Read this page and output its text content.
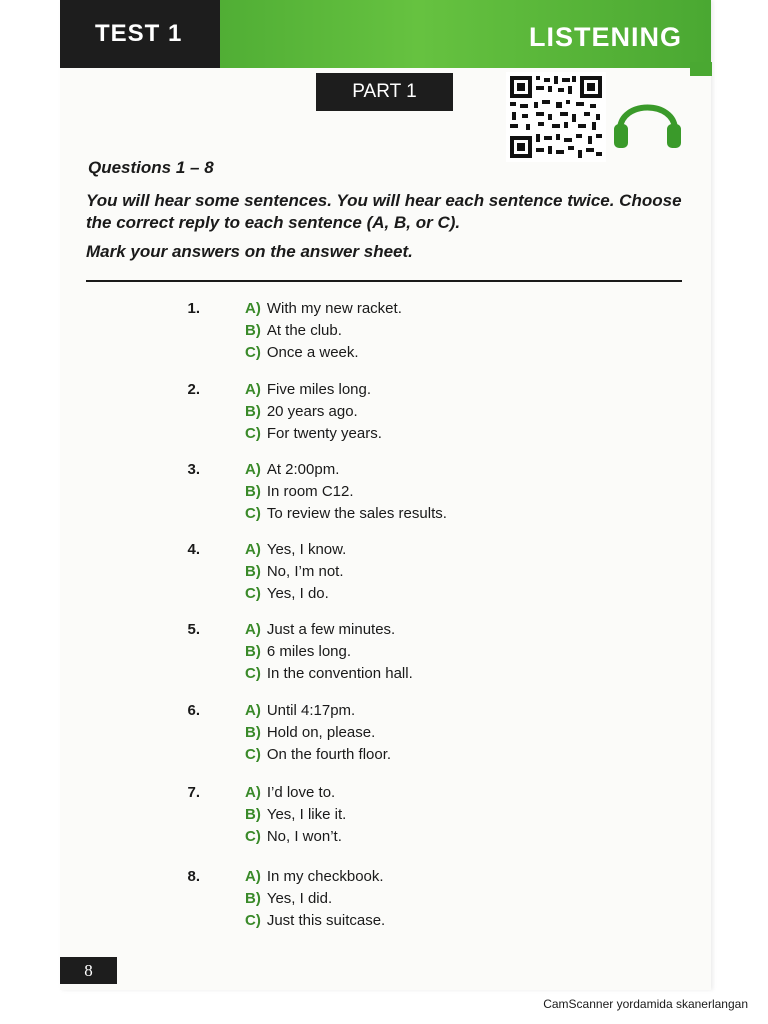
TEST 1	LISTENING
PART 1
Questions 1 – 8
You will hear some sentences. You will hear each sentence twice. Choose
the correct reply to each sentence (A, B, or C).
Mark your answers on the answer sheet.
1.	A) With my new racket.
B) At the club.
C) Once a week.
2.	A) Five miles long.
B) 20 years ago.
C) For twenty years.
3.	A) At 2:00pm.
B) In room C12.
C) To review the sales results.
4.	A) Yes, I know.
B) No, I’m not.
C) Yes, I do.
5.	A) Just a few minutes.
B) 6 miles long.
C) In the convention hall.
6.	A) Until 4:17pm.
B) Hold on, please.
C) On the fourth floor.
7.	A) I’d love to.
B) Yes, I like it.
C) No, I won’t.
8.	A) In my checkbook.
B) Yes, I did.
C) Just this suitcase.
8
CamScanner yordamida skanerlangan
